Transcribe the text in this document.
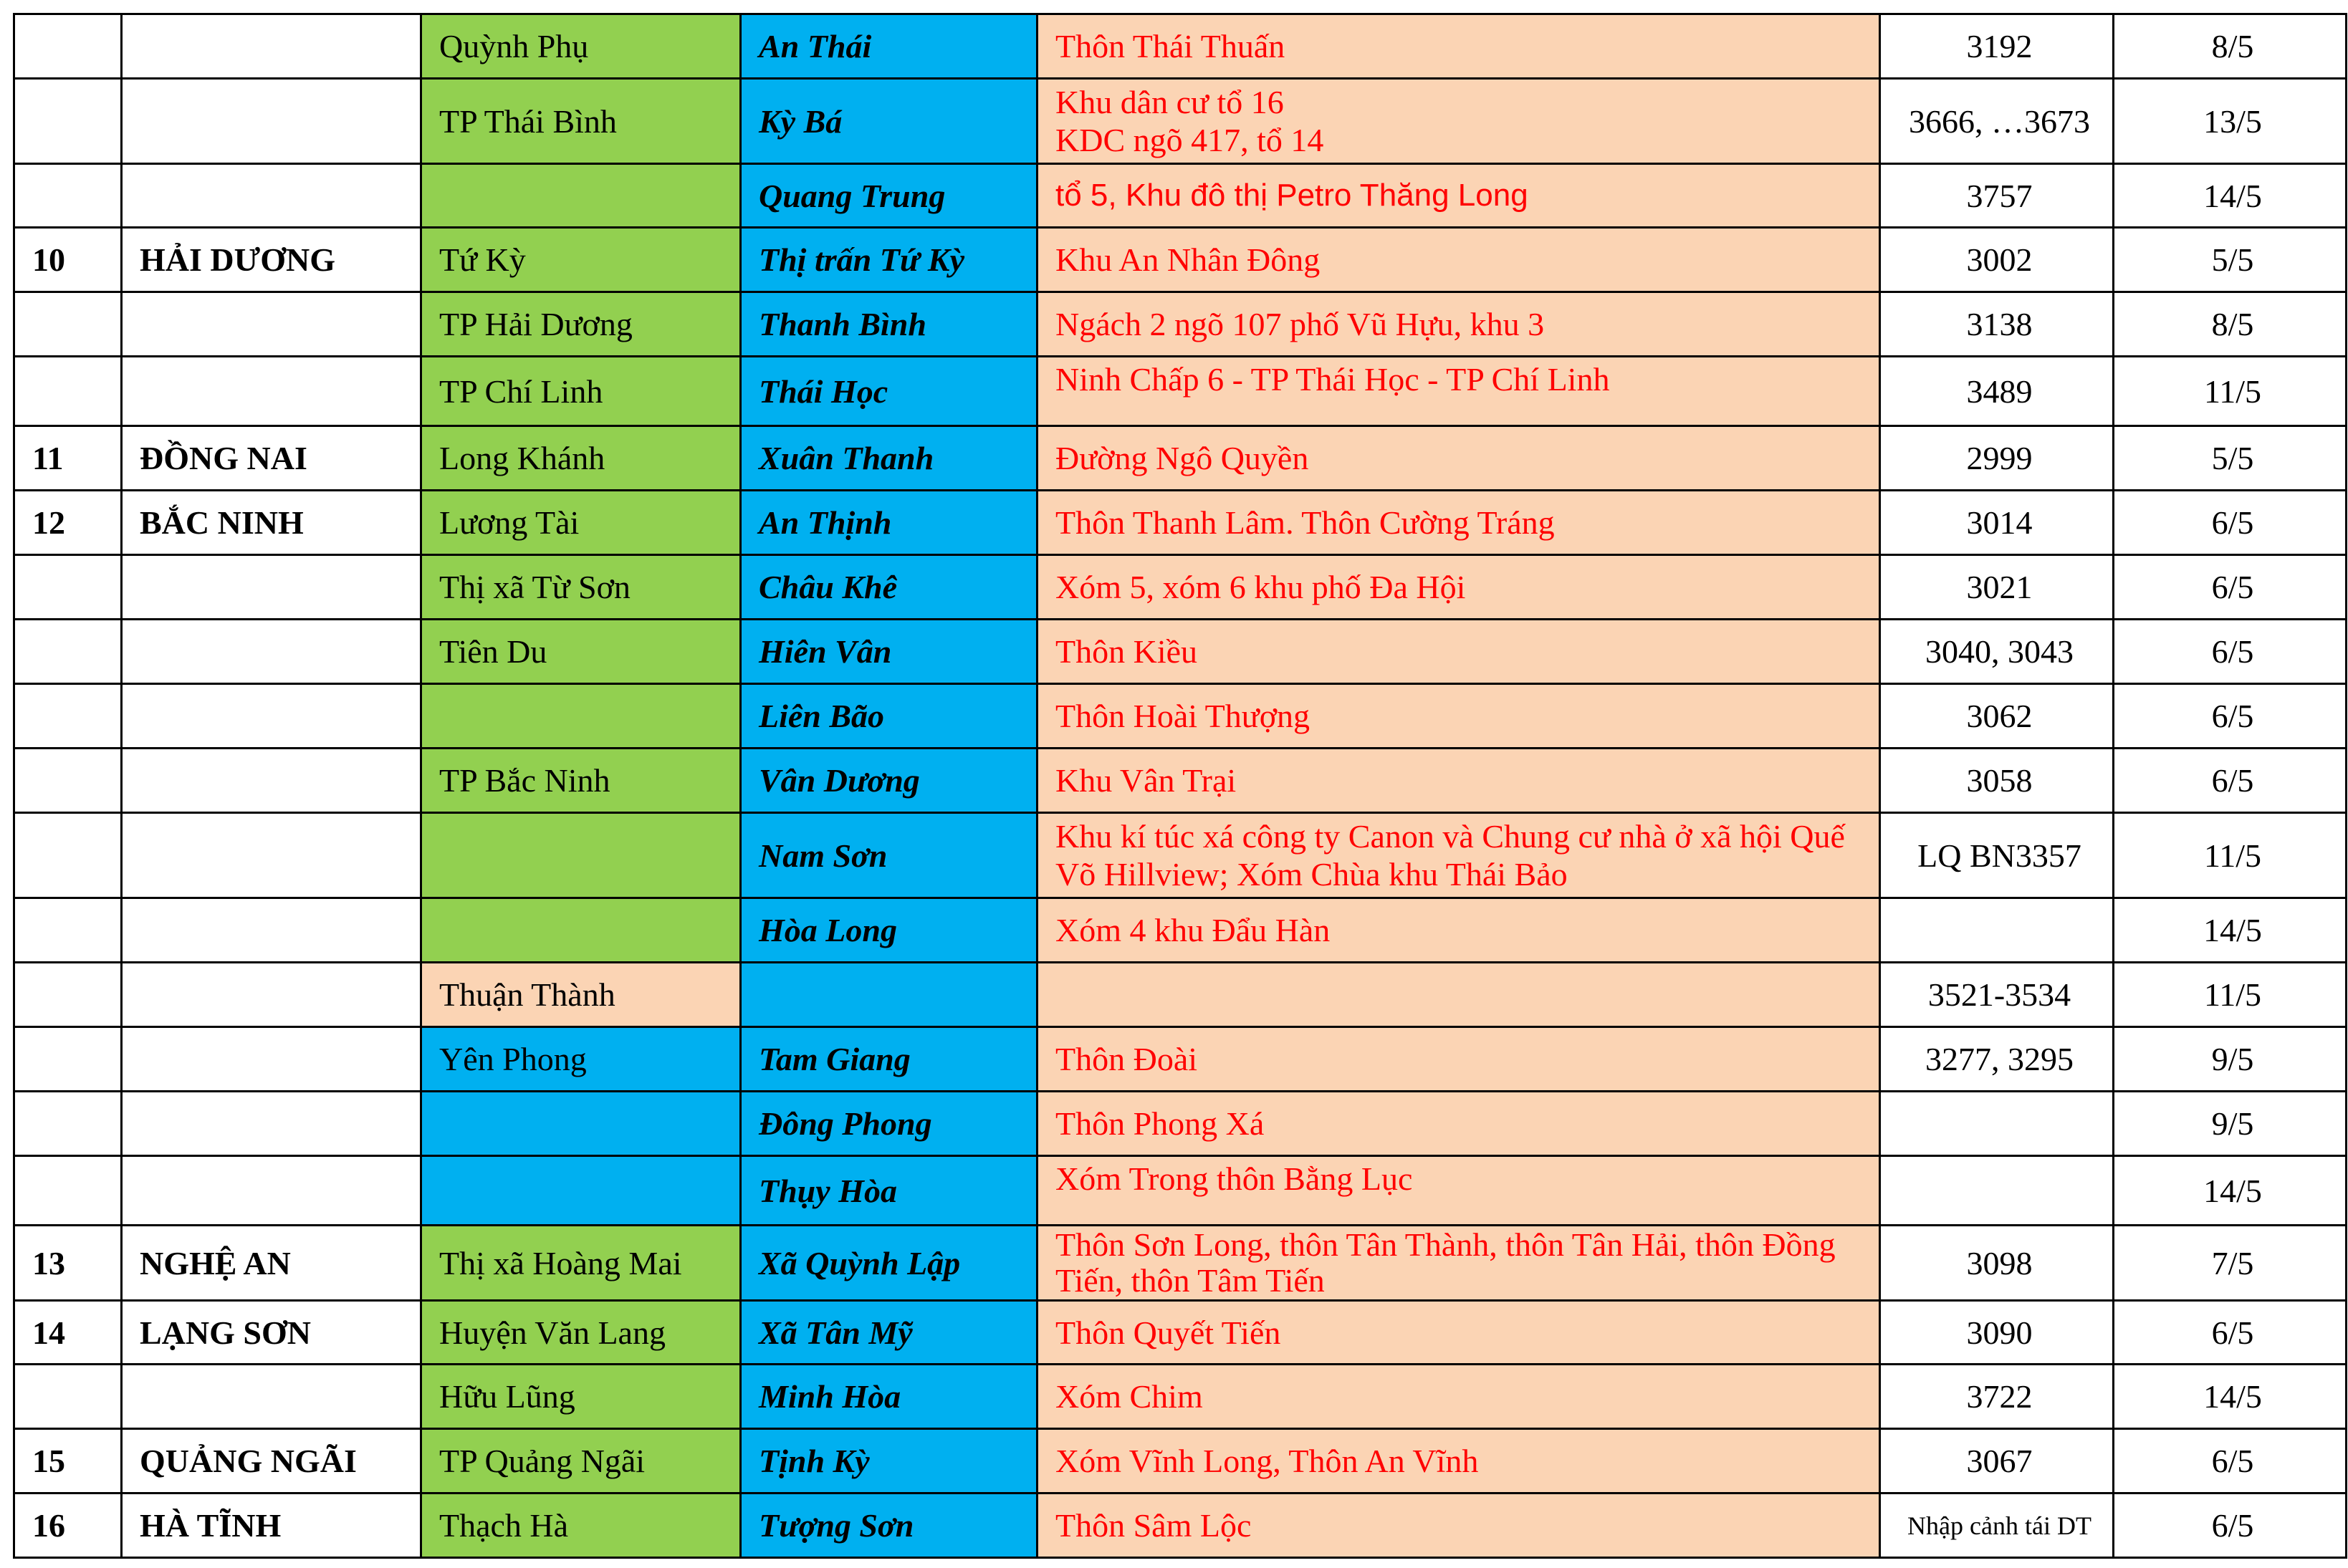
		Quỳnh Phụ	An Thái	Thôn Thái Thuấn	3192	8/5
		TP Thái Bình	Kỳ Bá	Khu dân cư tổ 16
KDC ngõ 417, tổ 14	3666, …3673	13/5
			Quang Trung	tổ 5, Khu đô thị Petro Thăng Long	3757	14/5
10	HẢI DƯƠNG	Tứ Kỳ	Thị trấn Tứ Kỳ	Khu An Nhân Đông	3002	5/5
		TP Hải Dương	Thanh Bình	Ngách 2 ngõ 107 phố Vũ Hựu, khu 3	3138	8/5
		TP Chí Linh	Thái Học	Ninh Chấp 6 - TP Thái Học - TP Chí Linh	3489	11/5
11	ĐỒNG NAI	Long Khánh	Xuân Thanh	Đường Ngô Quyền	2999	5/5
12	BẮC NINH	Lương Tài	An Thịnh	Thôn Thanh Lâm. Thôn Cường Tráng	3014	6/5
		Thị xã Từ Sơn	Châu Khê	Xóm 5, xóm 6 khu phố Đa Hội	3021	6/5
		Tiên Du	Hiên Vân	Thôn Kiều	3040, 3043	6/5
			Liên Bão	Thôn Hoài Thượng	3062	6/5
		TP Bắc Ninh	Vân Dương	Khu Vân Trại	3058	6/5
			Nam Sơn	Khu kí túc xá công ty Canon và Chung cư nhà ở xã hội Quế Võ Hillview; Xóm Chùa khu Thái Bảo	LQ BN3357	11/5
			Hòa Long	Xóm 4 khu Đẩu Hàn		14/5
		Thuận Thành			3521-3534	11/5
		Yên Phong	Tam Giang	Thôn Đoài	3277, 3295	9/5
			Đông Phong	Thôn Phong Xá		9/5
			Thụy Hòa	Xóm Trong thôn Bằng Lục		14/5
13	NGHỆ AN	Thị xã Hoàng Mai	Xã Quỳnh Lập	Thôn Sơn Long, thôn Tân Thành, thôn Tân Hải, thôn Đồng Tiến, thôn Tâm Tiến	3098	7/5
14	LẠNG SƠN	Huyện Văn Lang	Xã Tân Mỹ	Thôn Quyết Tiến	3090	6/5
		Hữu Lũng	Minh Hòa	Xóm Chim	3722	14/5
15	QUẢNG NGÃI	TP Quảng Ngãi	Tịnh Kỳ	Xóm Vĩnh Long, Thôn An Vĩnh	3067	6/5
16	HÀ TĨNH	Thạch Hà	Tượng Sơn	Thôn Sâm Lộc	Nhập cảnh tái DT	6/5
